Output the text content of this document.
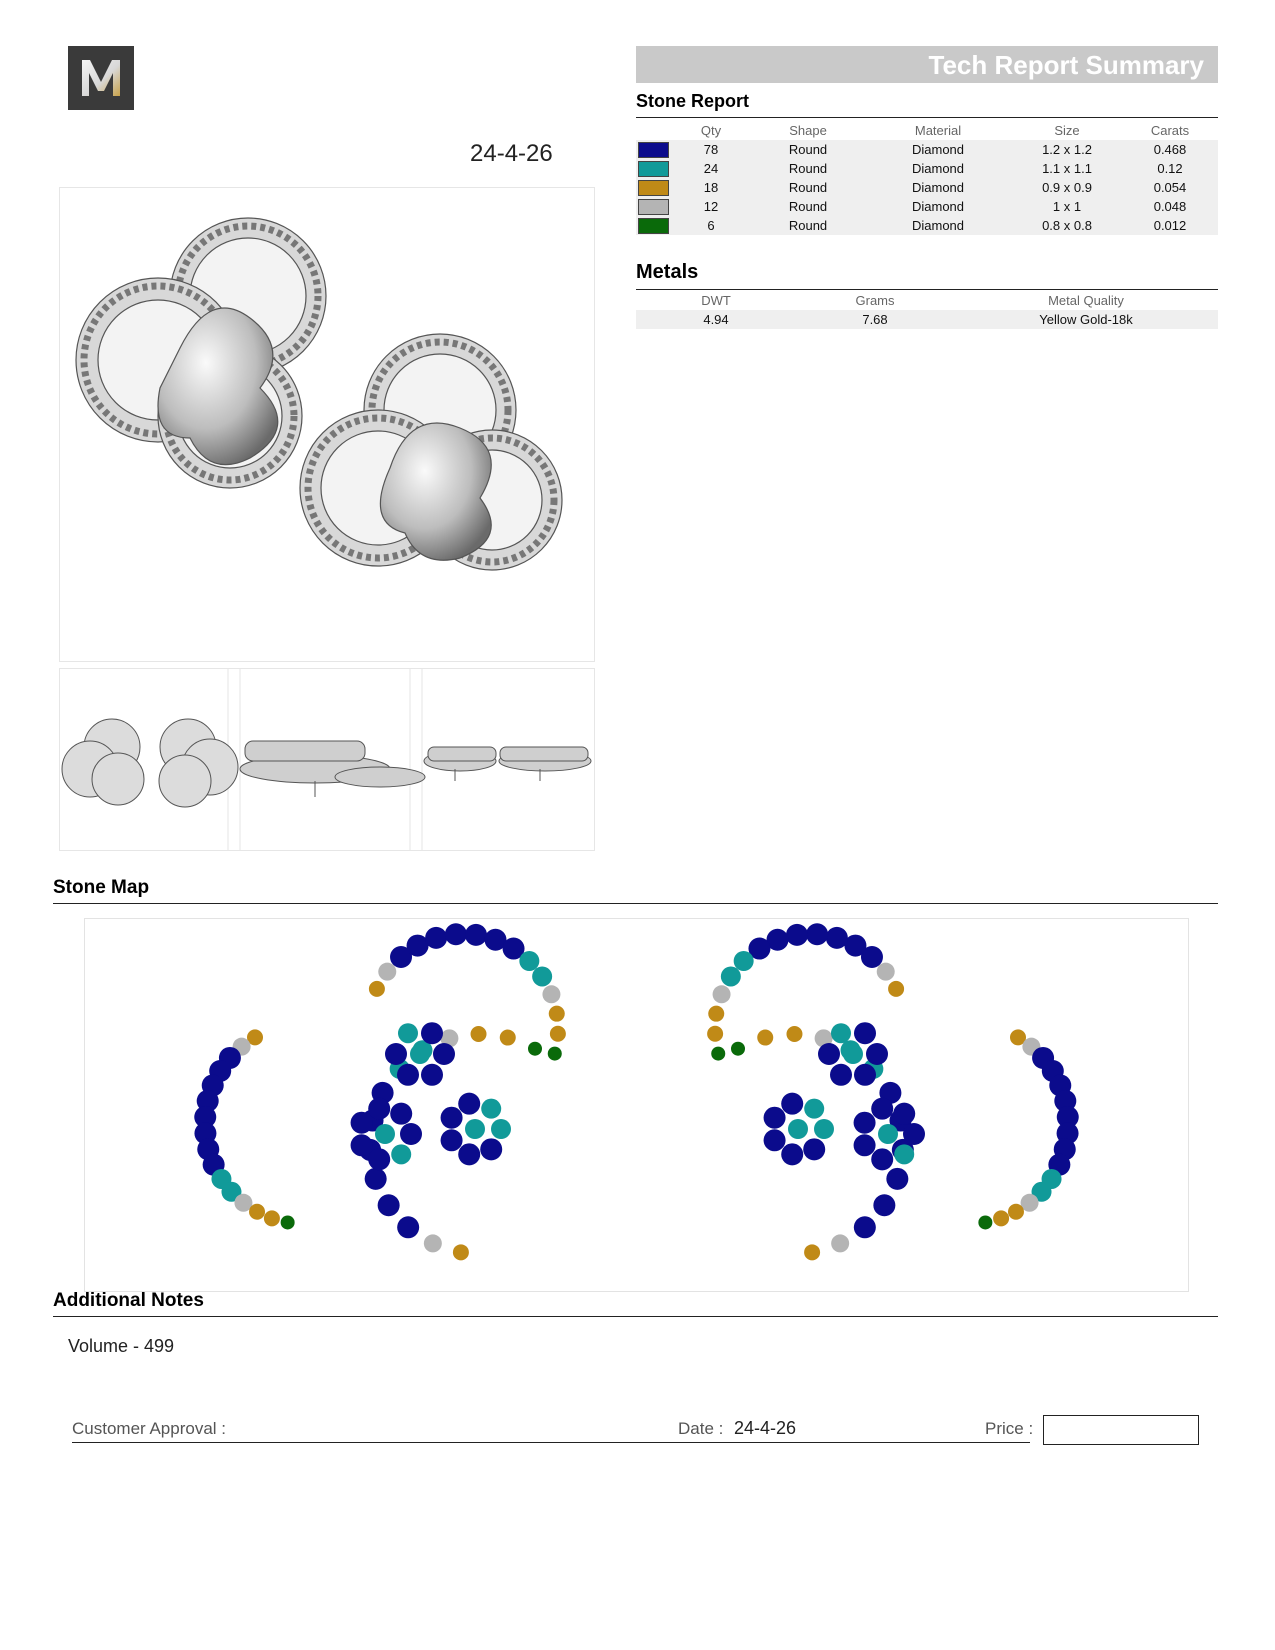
24-4-26
Tech Report Summary
Stone Report
	Qty	Shape	Material	Size	Carats

	78	Round	Diamond	1.2 x 1.2	0.468

	24	Round	Diamond	1.1 x 1.1	0.12

	18	Round	Diamond	0.9 x 0.9	0.054

	12	Round	Diamond	1 x 1	0.048

	6	Round	Diamond	0.8 x 0.8	0.012
Metals
DWT	Grams	Metal Quality
4.94	7.68	Yellow Gold-18k
Stone Map
Additional Notes
Volume - 499
Customer Approval :	Date : 24-4-26	Price :
